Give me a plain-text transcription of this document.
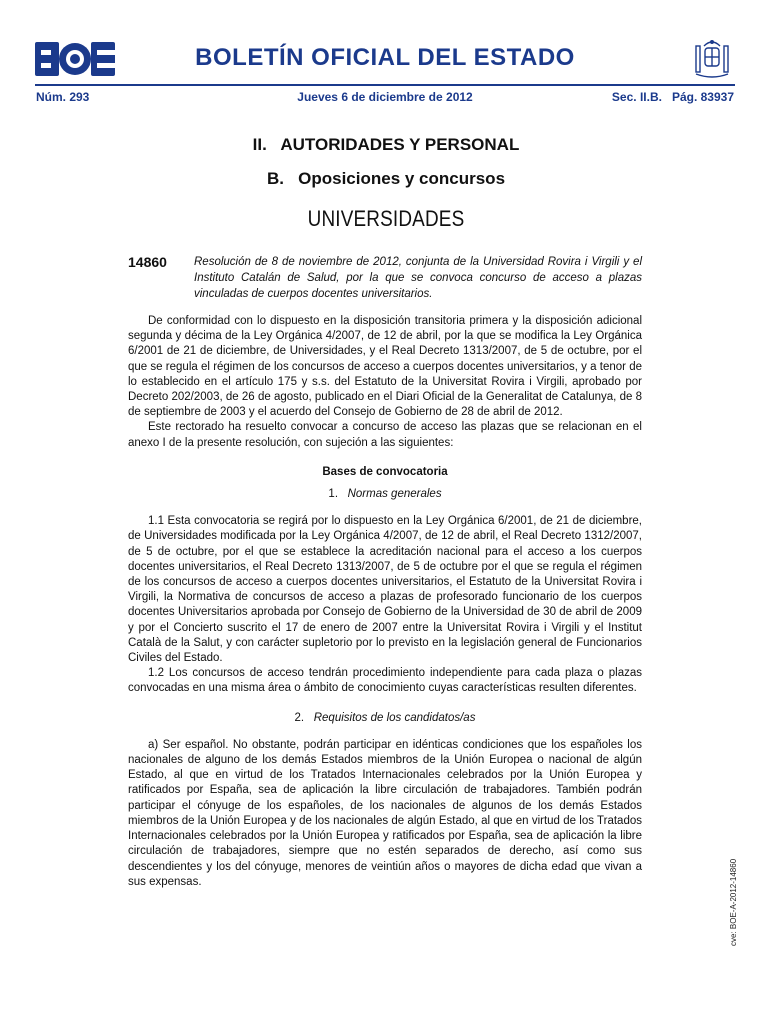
BOLETÍN OFICIAL DEL ESTADO
Núm. 293	Jueves 6 de diciembre de 2012	Sec. II.B.   Pág. 83937
II.   AUTORIDADES Y PERSONAL
B.   Oposiciones y concursos
UNIVERSIDADES
14860 Resolución de 8 de noviembre de 2012, conjunta de la Universidad Rovira i Virgili y el Instituto Catalán de Salud, por la que se convoca concurso de acceso a plazas vinculadas de cuerpos docentes universitarios.

De conformidad con lo dispuesto en la disposición transitoria primera y la disposición adicional segunda y décima de la Ley Orgánica 4/2007, de 12 de abril, por la que se modifica la Ley Orgánica 6/2001 de 21 de diciembre, de Universidades, y el Real Decreto 1313/2007, de 5 de octubre, por el que se regula el régimen de los concursos de acceso a cuerpos docentes universitarios, y a tenor de lo establecido en el artículo 175 y s.s. del Estatuto de la Universitat Rovira i Virgili, aprobado por Decreto 202/2003, de 26 de agosto, publicado en el Diari Oficial de la Generalitat de Catalunya, de 8 de septiembre de 2003 y el acuerdo del Consejo de Gobierno de 28 de abril de 2012.

Este rectorado ha resuelto convocar a concurso de acceso las plazas que se relacionan en el anexo I de la presente resolución, con sujeción a las siguientes:

Bases de convocatoria

1. Normas generales

1.1 Esta convocatoria se regirá por lo dispuesto en la Ley Orgánica 6/2001, de 21 de diciembre, de Universidades modificada por la Ley Orgánica 4/2007, de 12 de abril, el Real Decreto 1312/2007, de 5 de octubre, por el que se establece la acreditación nacional para el acceso a los cuerpos docentes universitarios, el Real Decreto 1313/2007, de 5 de octubre por el que se regula el régimen de los concursos de acceso a cuerpos docentes universitarios, el Estatuto de la Universitat Rovira i Virgili, la Normativa de concursos de acceso a plazas de profesorado funcionario de los cuerpos docentes Universitarios aprobada por Consejo de Gobierno de la Universidad de 30 de abril de 2009 y por el Concierto suscrito el 17 de enero de 2007 entre la Universitat Rovira i Virgili y el Institut Català de la Salut, y con carácter supletorio por lo previsto en la legislación general de Funcionarios Civiles del Estado.

1.2 Los concursos de acceso tendrán procedimiento independiente para cada plaza o plazas convocadas en una misma área o ámbito de conocimiento cuyas características resulten diferentes.

2. Requisitos de los candidatos/as

a) Ser español. No obstante, podrán participar en idénticas condiciones que los españoles los nacionales de alguno de los demás Estados miembros de la Unión Europea o nacional de algún Estado, al que en virtud de los Tratados Internacionales celebrados por la Unión Europea y ratificados por España, sea de aplicación la libre circulación de trabajadores. También podrán participar el cónyuge de los españoles, de los nacionales de algunos de los demás Estados miembros de la Unión Europea y de los nacionales de algún Estado, al que en virtud de los Tratados Internacionales celebrados por la Unión Europea y ratificados por España, sea de aplicación la libre circulación de trabajadores, siempre que no estén separados de derecho, así como sus descendientes y los del cónyuge, menores de veintiún años o mayores de dicha edad que vivan a sus expensas.	cve: BOE-A-2012-14860
